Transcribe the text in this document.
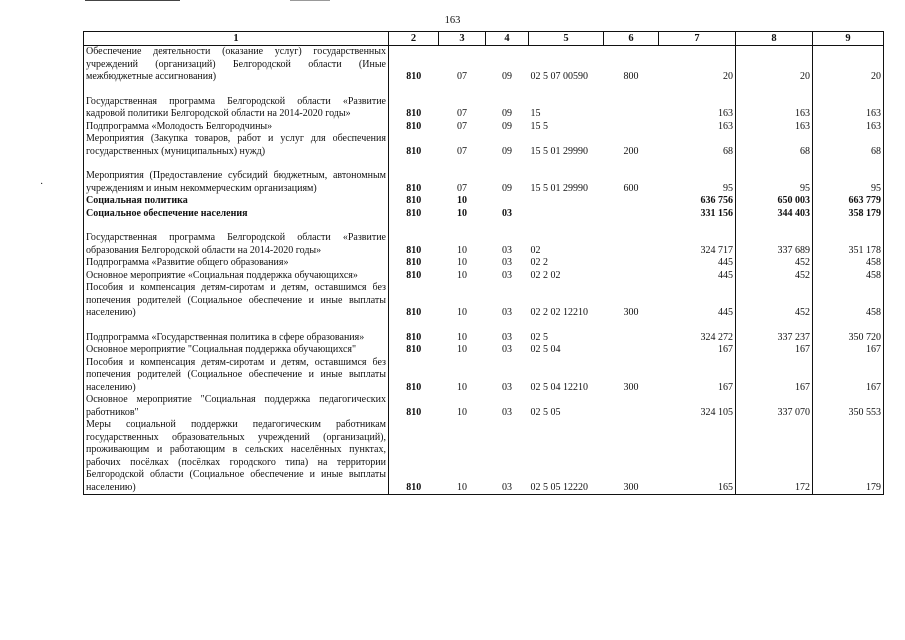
163
·
1	2	3	4	5	6	7	8	9
Обеспечение деятельности (оказание услуг) государственных учреждений (организаций) Белгородской области (Иные межбюджетные ассигнования)	810	07	09	02 5 07 00590	800	20	20	20

Государственная программа Белгородской области «Развитие кадровой политики Белгородской области на 2014-2020 годы»	810	07	09	15		163	163	163
Подпрограмма «Молодость Белгородчины»	810	07	09	15 5		163	163	163
Мероприятия (Закупка товаров, работ и услуг для обеспечения государственных (муниципальных) нужд)	810	07	09	15 5 01 29990	200	68	68	68

Мероприятия (Предоставление субсидий бюджетным, автономным учреждениям и иным некоммерческим организациям)	810	07	09	15 5 01 29990	600	95	95	95
Социальная политика	810	10				636 756	650 003	663 779
Социальное обеспечение населения	810	10	03			331 156	344 403	358 179

Государственная программа Белгородской области «Развитие образования Белгородской области на 2014-2020 годы»	810	10	03	02		324 717	337 689	351 178
Подпрограмма «Развитие общего образования»	810	10	03	02 2		445	452	458
Основное мероприятие «Социальная поддержка обучающихся»	810	10	03	02 2 02		445	452	458
Пособия и компенсация детям-сиротам и детям, оставшимся без попечения родителей (Социальное обеспечение и иные выплаты населению)	810	10	03	02 2 02 12210	300	445	452	458

Подпрограмма «Государственная политика в сфере образования»	810	10	03	02 5		324 272	337 237	350 720
Основное мероприятие "Социальная поддержка обучающихся"	810	10	03	02 5 04		167	167	167
Пособия и компенсация детям-сиротам и детям, оставшимся без попечения родителей (Социальное обеспечение и иные выплаты населению)	810	10	03	02 5 04 12210	300	167	167	167
Основное мероприятие "Социальная поддержка педагогических работников"	810	10	03	02 5 05		324 105	337 070	350 553
Меры социальной поддержки педагогическим работникам государственных образовательных учреждений (организаций), проживающим и работающим в сельских населённых пунктах, рабочих посёлках (посёлках городского типа) на территории Белгородской области (Социальное обеспечение и иные выплаты населению)	810	10	03	02 5 05 12220	300	165	172	179
